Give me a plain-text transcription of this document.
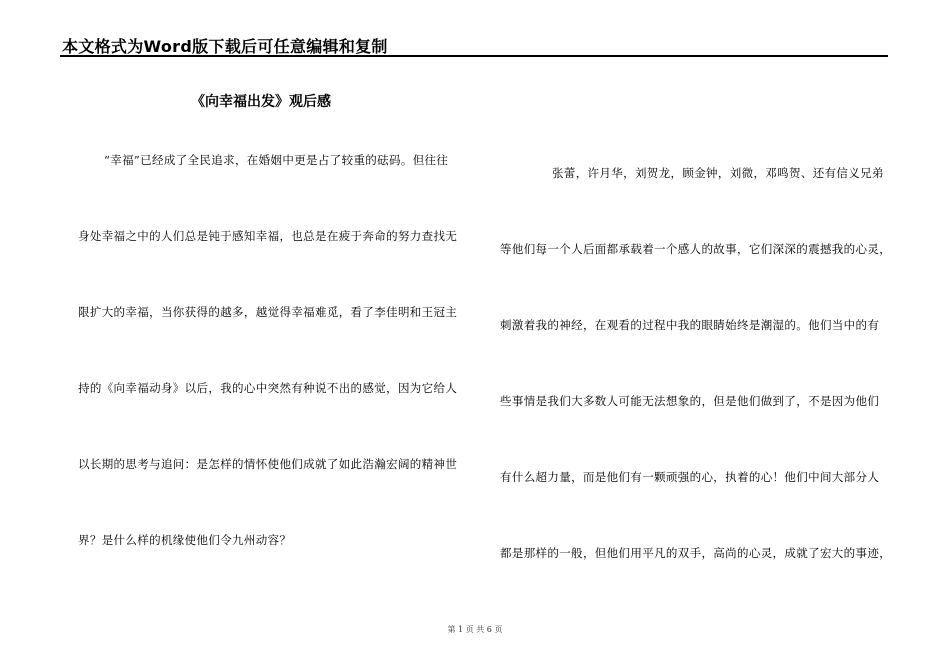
本文格式为Word版下载后可任意编辑和复制
《向幸福出发》观后感
“幸福”已经成了全民追求，在婚姻中更是占了较重的砝码。但往往
身处幸福之中的人们总是钝于感知幸福，也总是在疲于奔命的努力查找无
限扩大的幸福，当你获得的越多，越觉得幸福难觅，看了李佳明和王冠主
持的《向幸福动身》以后，我的心中突然有种说不出的感觉，因为它给人
以长期的思考与追问：是怎样的情怀使他们成就了如此浩瀚宏阔的精神世
界？是什么样的机缘使他们令九州动容？
张蕾，许月华，刘贺龙，顾金钟，刘微，邓鸣贺、还有信义兄弟
等他们每一个人后面都承载着一个感人的故事，它们深深的震撼我的心灵，
刺激着我的神经，在观看的过程中我的眼睛始终是潮湿的。他们当中的有
些事情是我们大多数人可能无法想象的，但是他们做到了，不是因为他们
有什么超力量，而是他们有一颗顽强的心，执着的心！他们中间大部分人
都是那样的一般，但他们用平凡的双手，高尚的心灵，成就了宏大的事迹，
第 1 页 共 6 页
